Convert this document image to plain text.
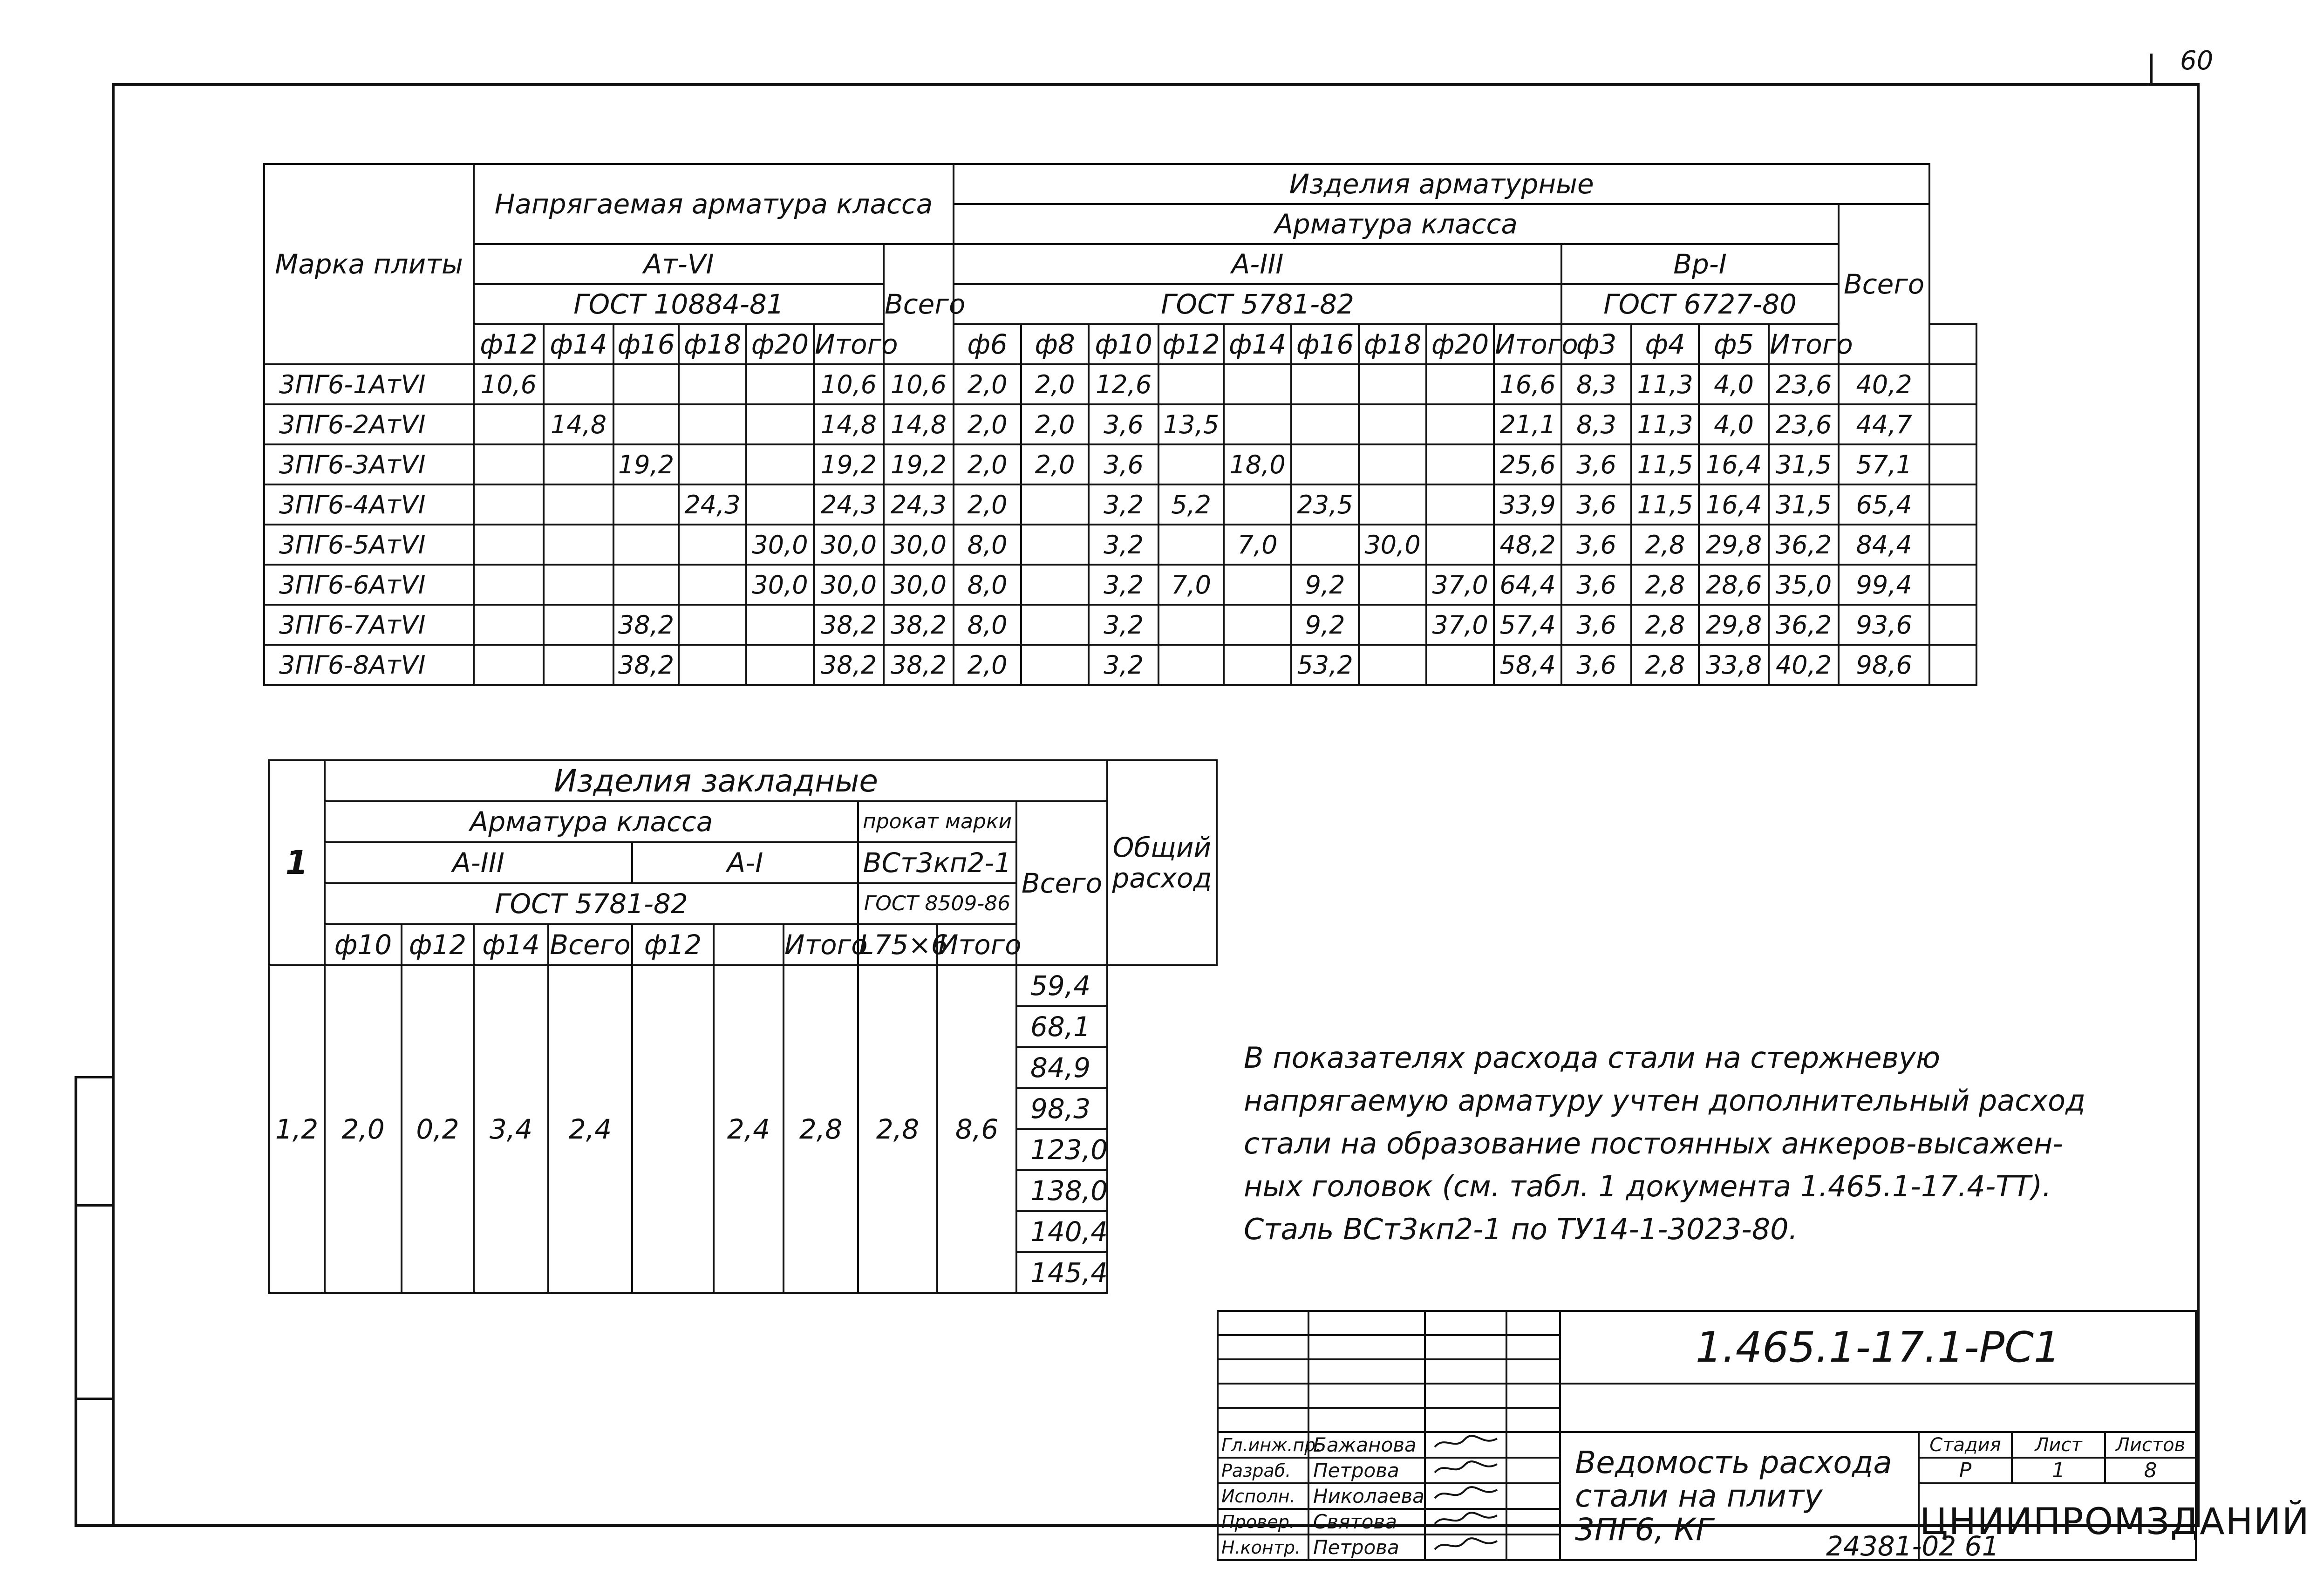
60
Марка плиты	Напрягаемая арматура класса							Изделия арматурные														
								Арматура класса													Всего	
	Ат-VI						Всего	А-III									Вр-I					
	ГОСТ 10884-81							ГОСТ 5781-82									ГОСТ 6727-80					
	ф12	ф14	ф16	ф18	ф20	Итого		ф6	ф8	ф10	ф12	ф14	ф16	ф18	ф20	Итого	ф3	ф4	ф5	Итого		
3ПГ6-1АтVI	10,6					10,6	10,6	2,0	2,0	12,6						16,6	8,3	11,3	4,0	23,6	40,2	
3ПГ6-2АтVI		14,8				14,8	14,8	2,0	2,0	3,6	13,5					21,1	8,3	11,3	4,0	23,6	44,7	
3ПГ6-3АтVI			19,2			19,2	19,2	2,0	2,0	3,6		18,0				25,6	3,6	11,5	16,4	31,5	57,1	
3ПГ6-4АтVI				24,3		24,3	24,3	2,0		3,2	5,2		23,5			33,9	3,6	11,5	16,4	31,5	65,4	
3ПГ6-5АтVI					30,0	30,0	30,0	8,0		3,2		7,0		30,0		48,2	3,6	2,8	29,8	36,2	84,4	
3ПГ6-6АтVI					30,0	30,0	30,0	8,0		3,2	7,0		9,2		37,0	64,4	3,6	2,8	28,6	35,0	99,4	
3ПГ6-7АтVI			38,2			38,2	38,2	8,0		3,2			9,2		37,0	57,4	3,6	2,8	29,8	36,2	93,6	
3ПГ6-8АтVI			38,2			38,2	38,2	2,0		3,2			53,2			58,4	3,6	2,8	33,8	40,2	98,6	
1	Изделия закладные										Общий расход
	Арматура класса							прокат марки		Всего	
	А-III				А-I			ВСт3кп2-1			
	ГОСТ 5781-82							ГОСТ 8509-86			
	ф10	ф12	ф14	Всего	ф12		Итого	L75×6	Итого		
1,2	2,0	0,2	3,4	2,4		2,4	2,8	2,8	8,6	59,4	
										68,1	
										84,9	
										98,3	
										123,0	
										138,0	
										140,4	
										145,4	

В показателях расхода стали на стержневую

напрягаемую арматуру учтен дополнительный расход

стали на образование постоянных анкеров-высажен-

ных головок (см. табл. 1 документа 1.465.1-17.4-ТТ).

Сталь ВСт3кп2-1 по ТУ14-1-3023-80.

				1.465.1-17.1-РС1			

Гл.инж.пр.	Бажанова			Ведомость расхода стали на плиту 3ПГ6, КГ	Стадия	Лист	Листов
Разраб.	Петрова				Р	1	8
Исполн.	Николаева				ЦНИИПРОМЗДАНИЙ		
Провер.	Святова		
Н.контр.	Петрова			24381-02 61
